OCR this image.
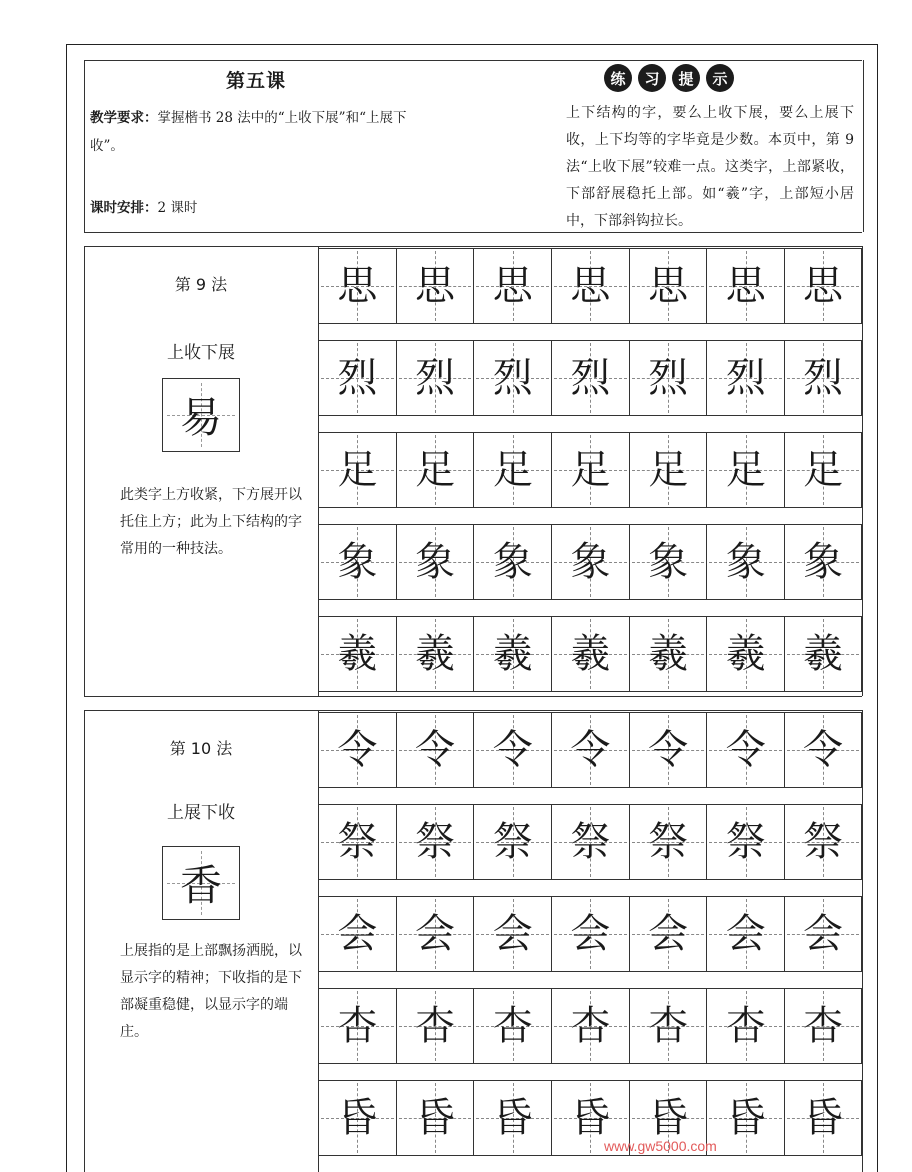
第五课
教学要求：掌握楷书 28 法中的“上收下展”和“上展下收”。
课时安排：2 课时
练	习	提	示
上下结构的字，要么上收下展，要么上展下收，上下均等的字毕竟是少数。本页中，第 9 法“上收下展”较难一点。这类字，上部紧收，下部舒展稳托上部。如“羲”字，上部短小居中，下部斜钩拉长。
第 9 法
上收下展
易
此类字上方收紧，下方展开以托住上方；此为上下结构的字常用的一种技法。
思 思 思 思 思 思 思
烈 烈 烈 烈 烈 烈 烈
足 足 足 足 足 足 足
象 象 象 象 象 象 象
羲 羲 羲 羲 羲 羲 羲
第 10 法
上展下收
香
上展指的是上部飘扬洒脱，以显示字的精神；下收指的是下部凝重稳健，以显示字的端庄。
令 令 令 令 令 令 令
祭 祭 祭 祭 祭 祭 祭
会 会 会 会 会 会 会
杏 杏 杏 杏 杏 杏 杏
昏 昏 昏 昏 昏 昏 昏
www.gw5000.com
